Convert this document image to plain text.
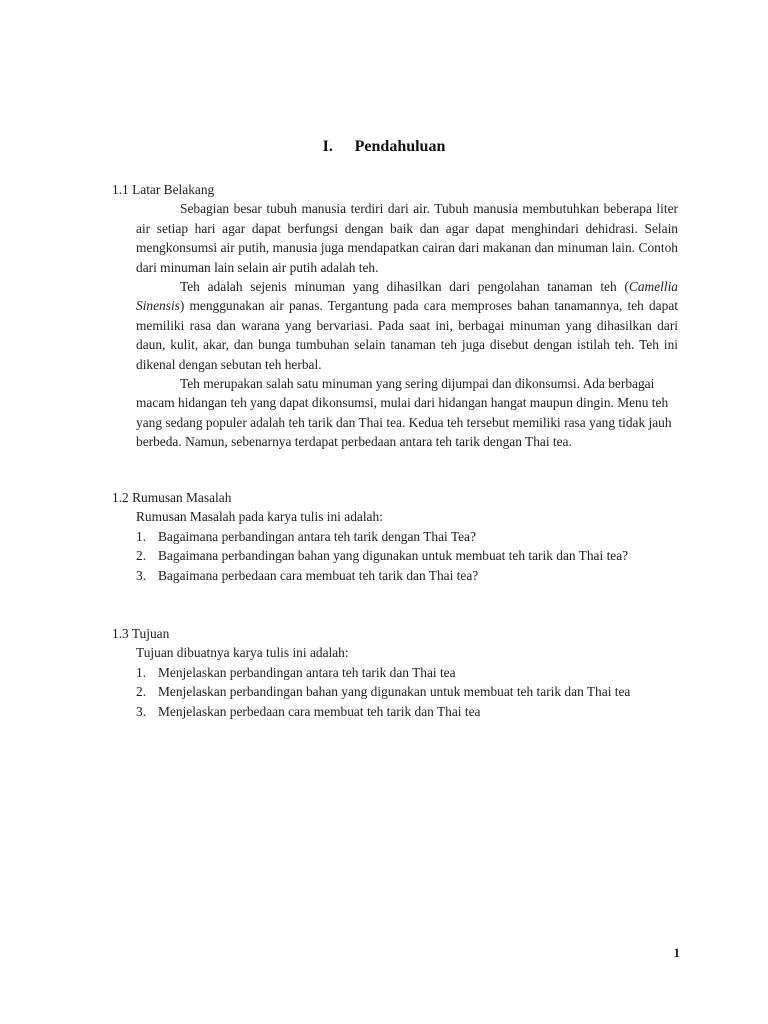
I. Pendahuluan

1.1 Latar Belakang

Sebagian besar tubuh manusia terdiri dari air. Tubuh manusia membutuhkan beberapa liter air setiap hari agar dapat berfungsi dengan baik dan agar dapat menghindari dehidrasi. Selain mengkonsumsi air putih, manusia juga mendapatkan cairan dari makanan dan minuman lain. Contoh dari minuman lain selain air putih adalah teh.

Teh adalah sejenis minuman yang dihasilkan dari pengolahan tanaman teh (Camellia Sinensis) menggunakan air panas. Tergantung pada cara memproses bahan tanamannya, teh dapat memiliki rasa dan warana yang bervariasi. Pada saat ini, berbagai minuman yang dihasilkan dari daun, kulit, akar, dan bunga tumbuhan selain tanaman teh juga disebut dengan istilah teh. Teh ini dikenal dengan sebutan teh herbal.

Teh merupakan salah satu minuman yang sering dijumpai dan dikonsumsi. Ada berbagai macam hidangan teh yang dapat dikonsumsi, mulai dari hidangan hangat maupun dingin. Menu teh yang sedang populer adalah teh tarik dan Thai tea. Kedua teh tersebut memiliki rasa yang tidak jauh berbeda. Namun, sebenarnya terdapat perbedaan antara teh tarik dengan Thai tea.

1.2 Rumusan Masalah

Rumusan Masalah pada karya tulis ini adalah:

1. Bagaimana perbandingan antara teh tarik dengan Thai Tea?
2. Bagaimana perbandingan bahan yang digunakan untuk membuat teh tarik dan Thai tea?
3. Bagaimana perbedaan cara membuat teh tarik dan Thai tea?

1.3 Tujuan

Tujuan dibuatnya karya tulis ini adalah:

1. Menjelaskan perbandingan antara teh tarik dan Thai tea
2. Menjelaskan perbandingan bahan yang digunakan untuk membuat teh tarik dan Thai tea
3. Menjelaskan perbedaan cara membuat teh tarik dan Thai tea
1
